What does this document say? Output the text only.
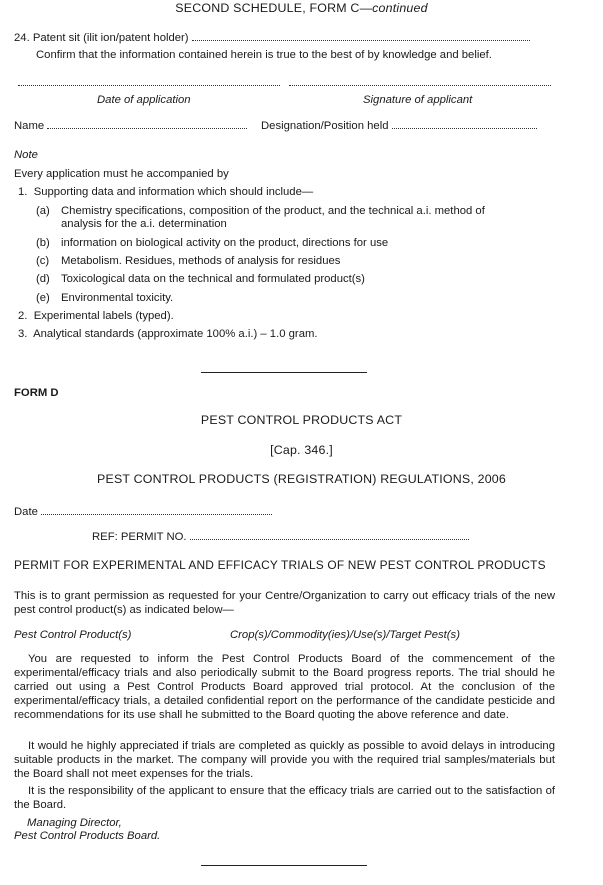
SECOND SCHEDULE, FORM C—continued
24. Patent sit (ilit ion/patent holder)
Confirm that the information contained herein is true to the best of by knowledge and belief.
Date of application	Signature of applicant
Name	Designation/Position held
Note
Every application must he accompanied by
1. Supporting data and information which should include—
(a) Chemistry specifications, composition of the product, and the technical a.i. method of
analysis for the a.i. determination
(b) information on biological activity on the product, directions for use
(c) Metabolism. Residues, methods of analysis for residues
(d) Toxicological data on the technical and formulated product(s)
(e) Environmental toxicity.
2. Experimental labels (typed).
3. Analytical standards (approximate 100% a.i.) – 1.0 gram.
FORM D
PEST CONTROL PRODUCTS ACT
[Cap. 346.]
PEST CONTROL PRODUCTS (REGISTRATION) REGULATIONS, 2006
Date
REF: PERMIT NO.
PERMIT FOR EXPERIMENTAL AND EFFICACY TRIALS OF NEW PEST CONTROL PRODUCTS
This is to grant permission as requested for your Centre/Organization to carry out efficacy trials of the new pest control product(s) as indicated below—
Pest Control Product(s)	Crop(s)/Commodity(ies)/Use(s)/Target Pest(s)
You are requested to inform the Pest Control Products Board of the commencement of the experimental/efficacy trials and also periodically submit to the Board progress reports. The trial should he carried out using a Pest Control Products Board approved trial protocol. At the conclusion of the experimental/efficacy trials, a detailed confidential report on the performance of the candidate pesticide and recommendations for its use shall he submitted to the Board quoting the above reference and date.
It would he highly appreciated if trials are completed as quickly as possible to avoid delays in introducing suitable products in the market. The company will provide you with the required trial samples/materials but the Board shall not meet expenses for the trials.
It is the responsibility of the applicant to ensure that the efficacy trials are carried out to the satisfaction of the Board.
Managing Director,
Pest Control Products Board.
